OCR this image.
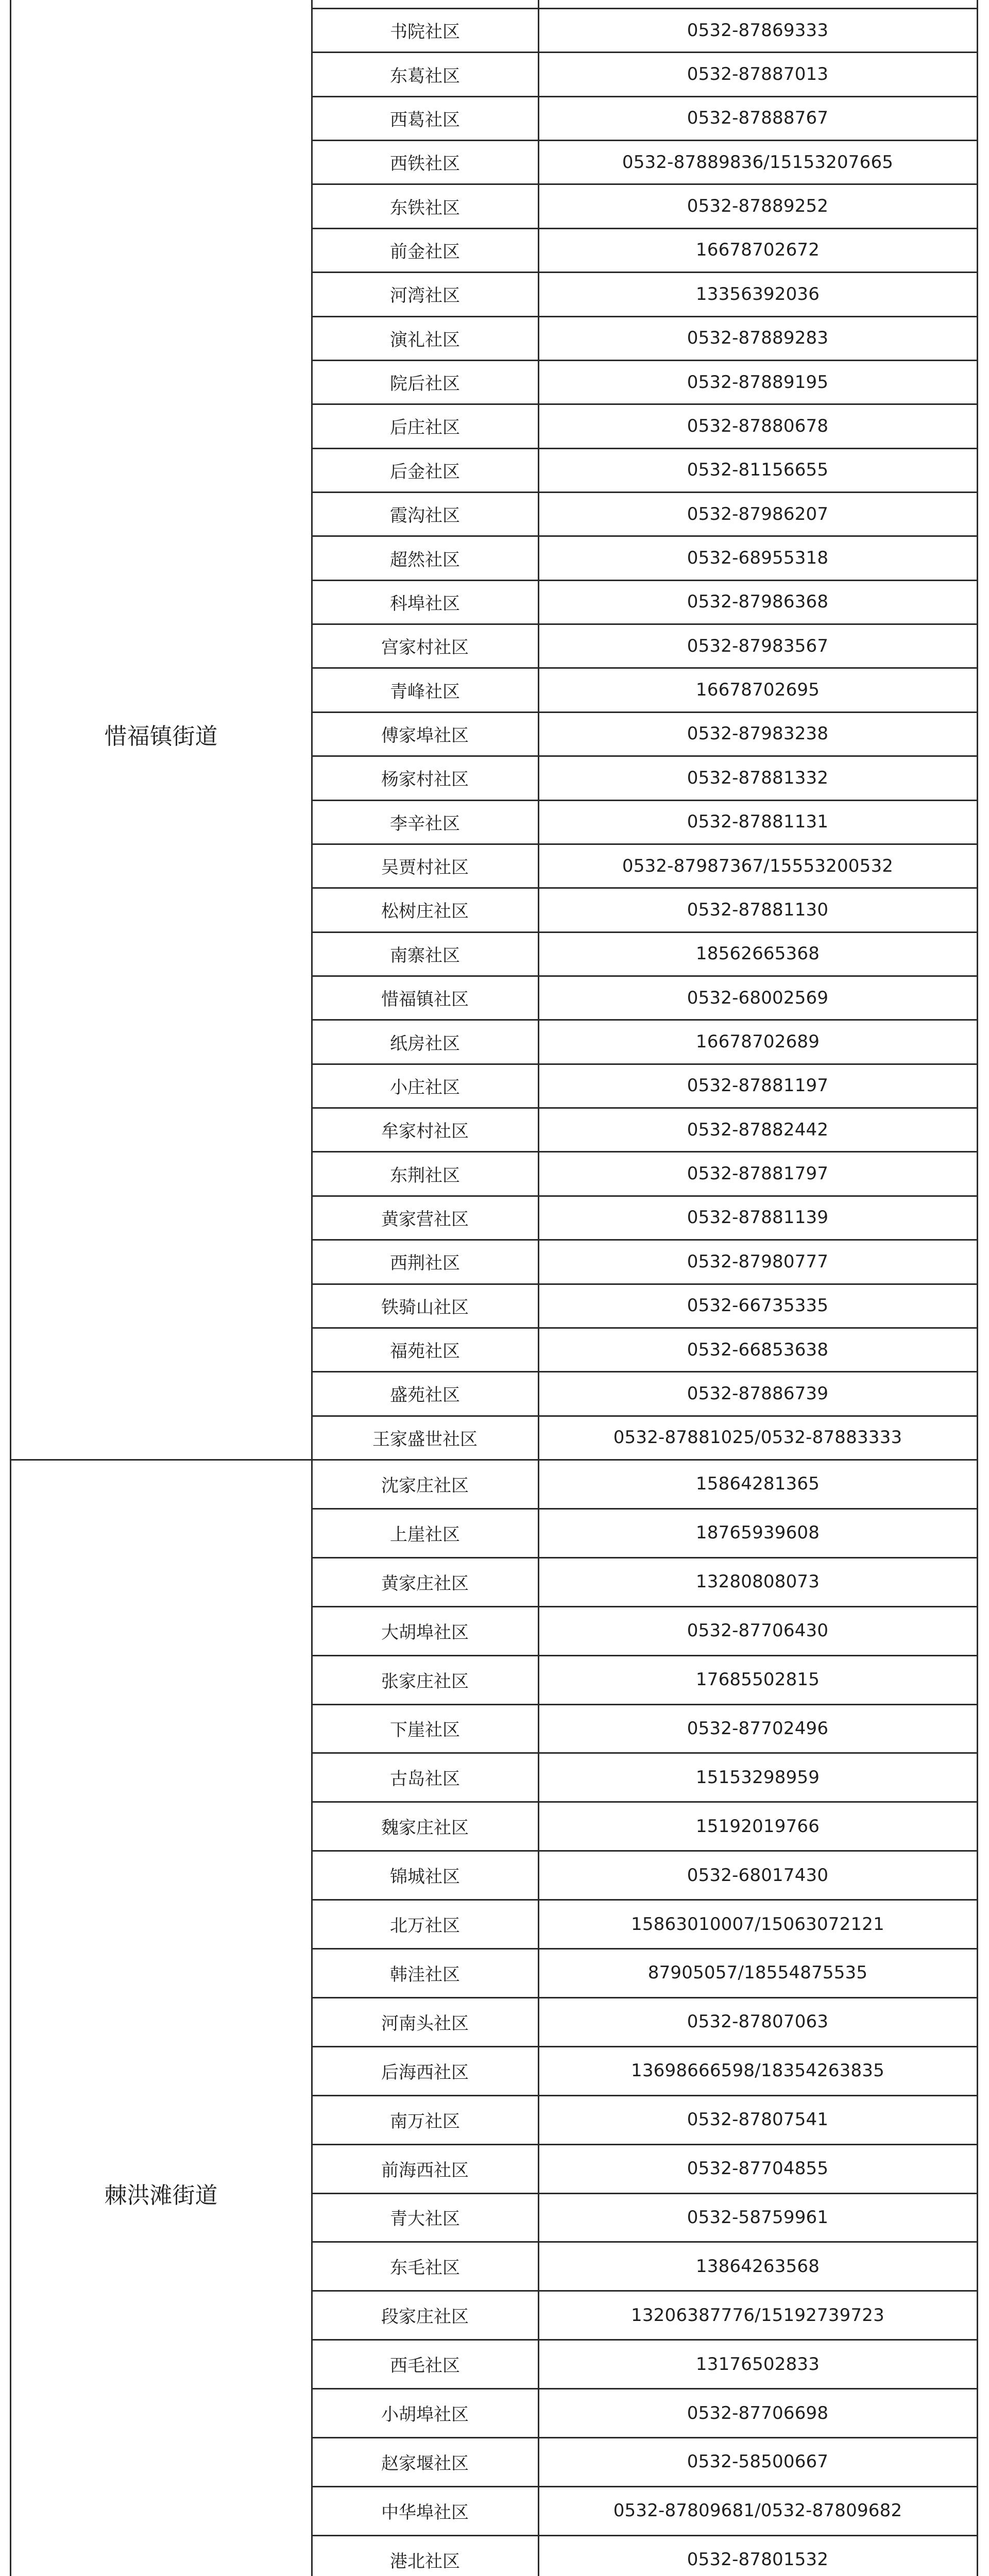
惜福镇街道
书院社区	0532-87869333
东葛社区	0532-87887013
西葛社区	0532-87888767
西铁社区	0532-87889836/15153207665
东铁社区	0532-87889252
前金社区	16678702672
河湾社区	13356392036
演礼社区	0532-87889283
院后社区	0532-87889195
后庄社区	0532-87880678
后金社区	0532-81156655
霞沟社区	0532-87986207
超然社区	0532-68955318
科埠社区	0532-87986368
宫家村社区	0532-87983567
青峰社区	16678702695
傅家埠社区	0532-87983238
杨家村社区	0532-87881332
李辛社区	0532-87881131
吴贾村社区	0532-87987367/15553200532
松树庄社区	0532-87881130
南寨社区	18562665368
惜福镇社区	0532-68002569
纸房社区	16678702689
小庄社区	0532-87881197
牟家村社区	0532-87882442
东荆社区	0532-87881797
黄家营社区	0532-87881139
西荆社区	0532-87980777
铁骑山社区	0532-66735335
福苑社区	0532-66853638
盛苑社区	0532-87886739
王家盛世社区	0532-87881025/0532-87883333
棘洪滩街道
沈家庄社区	15864281365
上崖社区	18765939608
黄家庄社区	13280808073
大胡埠社区	0532-87706430
张家庄社区	17685502815
下崖社区	0532-87702496
古岛社区	15153298959
魏家庄社区	15192019766
锦城社区	0532-68017430
北万社区	15863010007/15063072121
韩洼社区	87905057/18554875535
河南头社区	0532-87807063
后海西社区	13698666598/18354263835
南万社区	0532-87807541
前海西社区	0532-87704855
青大社区	0532-58759961
东毛社区	13864263568
段家庄社区	13206387776/15192739723
西毛社区	13176502833
小胡埠社区	0532-87706698
赵家堰社区	0532-58500667
中华埠社区	0532-87809681/0532-87809682
港北社区	0532-87801532
